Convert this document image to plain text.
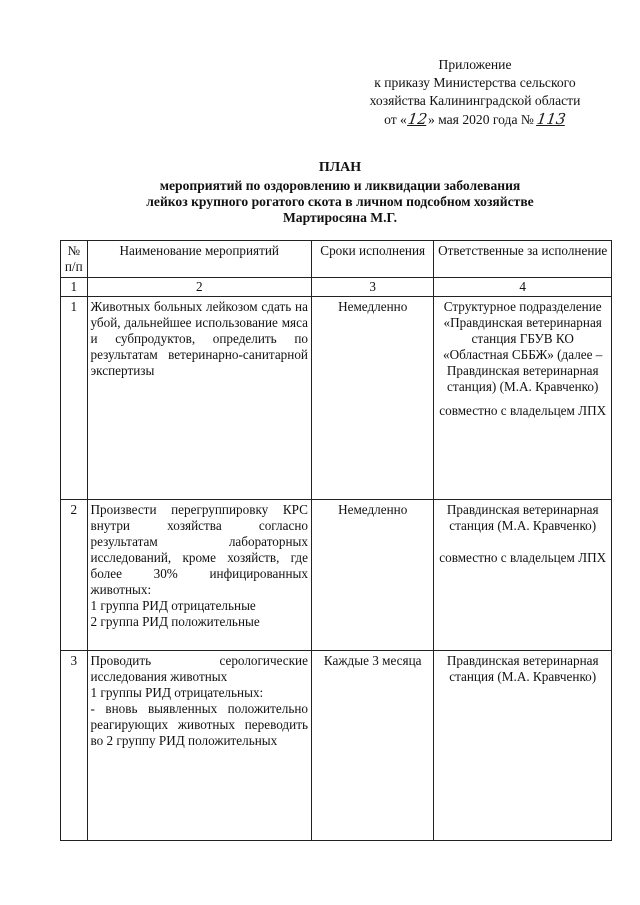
Приложение
к приказу Министерства сельского
хозяйства Калининградской области
от «12» мая 2020 года № 113
ПЛАН
мероприятий по оздоровлению и ликвидации заболевания
лейкоз крупного рогатого скота в личном подсобном хозяйстве
Мартиросяна М.Г.
№ п/п	Наименование мероприятий	Сроки исполнения	Ответственные за исполнение
1	2	3	4
1	Животных больных лейкозом сдать на убой, дальнейшее использование мяса и субпродуктов, определить по результатам ветеринарно-санитарной экспертизы	Немедленно	Структурное подразделение «Правдинская ветеринарная станция ГБУВ КО «Областная СББЖ» (далее – Правдинская ветеринарная станция) (М.А. Кравченко)
совместно с владельцем ЛПХ

2	Произвести перегруппировку КРС внутри хозяйства согласно результатам лабораторных исследований, кроме хозяйств, где более 30% инфицированных животных:
1 группа РИД отрицательные
2 группа РИД положительные	Немедленно	Правдинская ветеринарная станция (М.А. Кравченко)
совместно с владельцем ЛПХ

3	Проводить серологические исследования животных
1 группы РИД отрицательных:
- вновь выявленных положительно реагирующих животных переводить во 2 группу РИД положительных	Каждые 3 месяца	Правдинская ветеринарная станция (М.А. Кравченко)
